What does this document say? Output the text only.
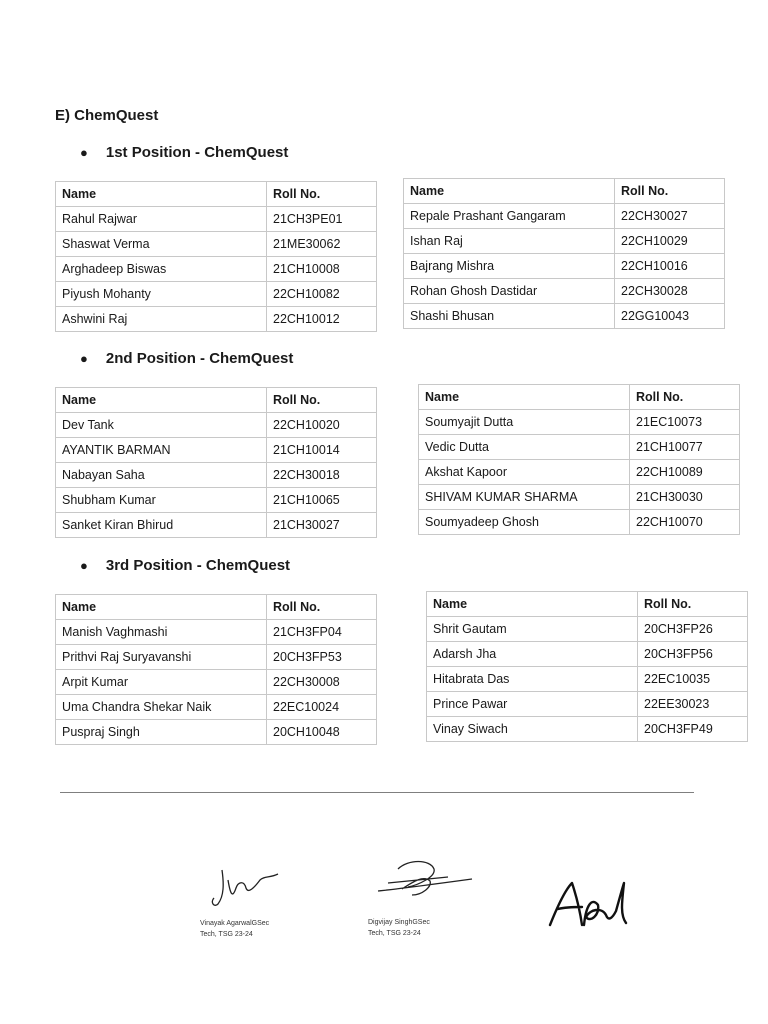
E) ChemQuest
● 1st Position - ChemQuest
Name	Roll No.
Rahul Rajwar	21CH3PE01
Shaswat Verma	21ME30062
Arghadeep Biswas	21CH10008
Piyush Mohanty	22CH10082
Ashwini Raj	22CH10012
Name	Roll No.
Repale Prashant Gangaram	22CH30027
Ishan Raj	22CH10029
Bajrang Mishra	22CH10016
Rohan Ghosh Dastidar	22CH30028
Shashi Bhusan	22GG10043
● 2nd Position - ChemQuest
Name	Roll No.
Dev Tank	22CH10020
AYANTIK BARMAN	21CH10014
Nabayan Saha	22CH30018
Shubham Kumar	21CH10065
Sanket Kiran Bhirud	21CH30027
Name	Roll No.
Soumyajit Dutta	21EC10073
Vedic Dutta	21CH10077
Akshat Kapoor	22CH10089
SHIVAM KUMAR SHARMA	21CH30030
Soumyadeep Ghosh	22CH10070
● 3rd Position - ChemQuest
Name	Roll No.
Manish Vaghmashi	21CH3FP04
Prithvi Raj Suryavanshi	20CH3FP53
Arpit Kumar	22CH30008
Uma Chandra Shekar Naik	22EC10024
Puspraj Singh	20CH10048
Name	Roll No.
Shrit Gautam	20CH3FP26
Adarsh Jha	20CH3FP56
Hitabrata Das	22EC10035
Prince Pawar	22EE30023
Vinay Siwach	20CH3FP49
Vinayak AgarwalGSec
Tech, TSG 23-24
Digvijay SinghGSec
Tech, TSG 23-24
